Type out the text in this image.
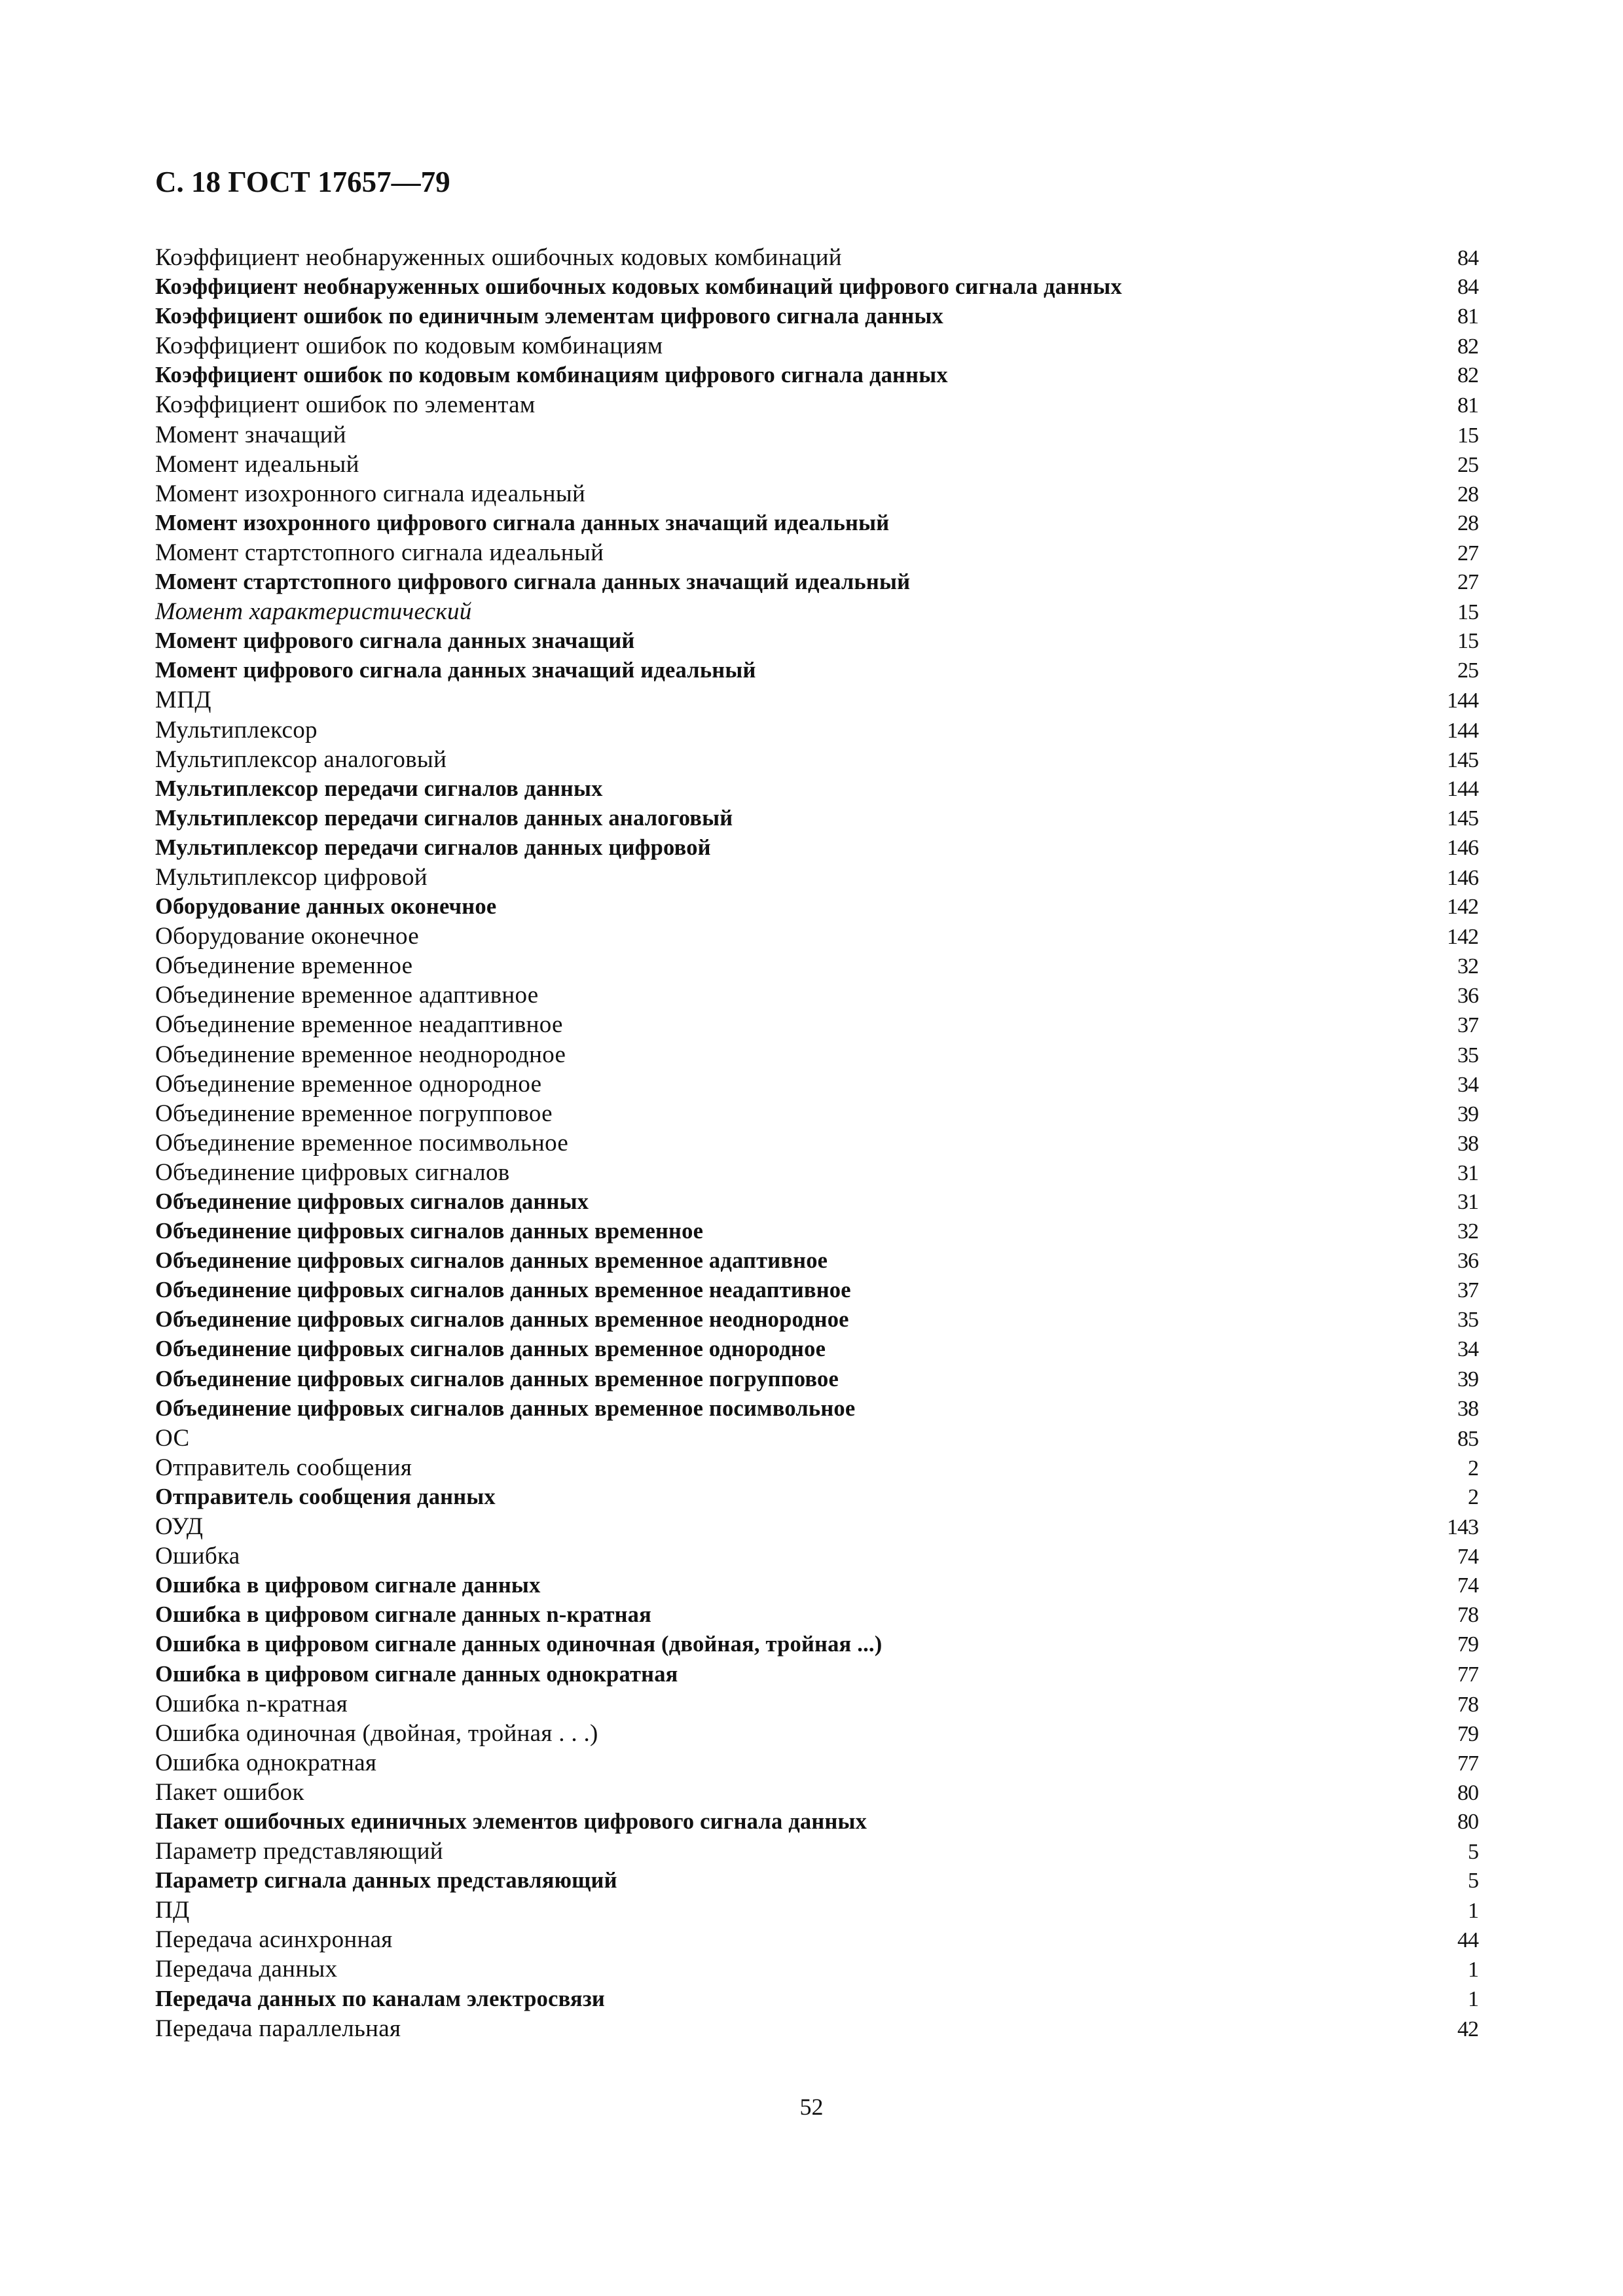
С. 18 ГОСТ 17657—79
Коэффициент необнаруженных ошибочных кодовых комбинаций	84
Коэффициент необнаруженных ошибочных кодовых комбинаций цифрового сигнала данных	84
Коэффициент ошибок по единичным элементам цифрового сигнала данных	81
Коэффициент ошибок по кодовым комбинациям	82
Коэффициент ошибок по кодовым комбинациям цифрового сигнала данных	82
Коэффициент ошибок по элементам	81
Момент значащий	15
Момент идеальный	25
Момент изохронного сигнала идеальный	28
Момент изохронного цифрового сигнала данных значащий идеальный	28
Момент стартстопного сигнала идеальный	27
Момент стартстопного цифрового сигнала данных значащий идеальный	27
Момент характеристический	15
Момент цифрового сигнала данных значащий	15
Момент цифрового сигнала данных значащий идеальный	25
МПД	144
Мультиплексор	144
Мультиплексор аналоговый	145
Мультиплексор передачи сигналов данных	144
Мультиплексор передачи сигналов данных аналоговый	145
Мультиплексор передачи сигналов данных цифровой	146
Мультиплексор цифровой	146
Оборудование данных оконечное	142
Оборудование оконечное	142
Объединение временное	32
Объединение временное адаптивное	36
Объединение временное неадаптивное	37
Объединение временное неоднородное	35
Объединение временное однородное	34
Объединение временное погрупповое	39
Объединение временное посимвольное	38
Объединение цифровых сигналов	31
Объединение цифровых сигналов данных	31
Объединение цифровых сигналов данных временное	32
Объединение цифровых сигналов данных временное адаптивное	36
Объединение цифровых сигналов данных временное неадаптивное	37
Объединение цифровых сигналов данных временное неоднородное	35
Объединение цифровых сигналов данных временное однородное	34
Объединение цифровых сигналов данных временное погрупповое	39
Объединение цифровых сигналов данных временное посимвольное	38
ОС	85
Отправитель сообщения	2
Отправитель сообщения данных	2
ОУД	143
Ошибка	74
Ошибка в цифровом сигнале данных	74
Ошибка в цифровом сигнале данных n-кратная	78
Ошибка в цифровом сигнале данных одиночная (двойная, тройная ...)	79
Ошибка в цифровом сигнале данных однократная	77
Ошибка n-кратная	78
Ошибка одиночная (двойная, тройная . . .)	79
Ошибка однократная	77
Пакет ошибок	80
Пакет ошибочных единичных элементов цифрового сигнала данных	80
Параметр представляющий	5
Параметр сигнала данных представляющий	5
ПД	1
Передача асинхронная	44
Передача данных	1
Передача данных по каналам электросвязи	1
Передача параллельная	42
52
